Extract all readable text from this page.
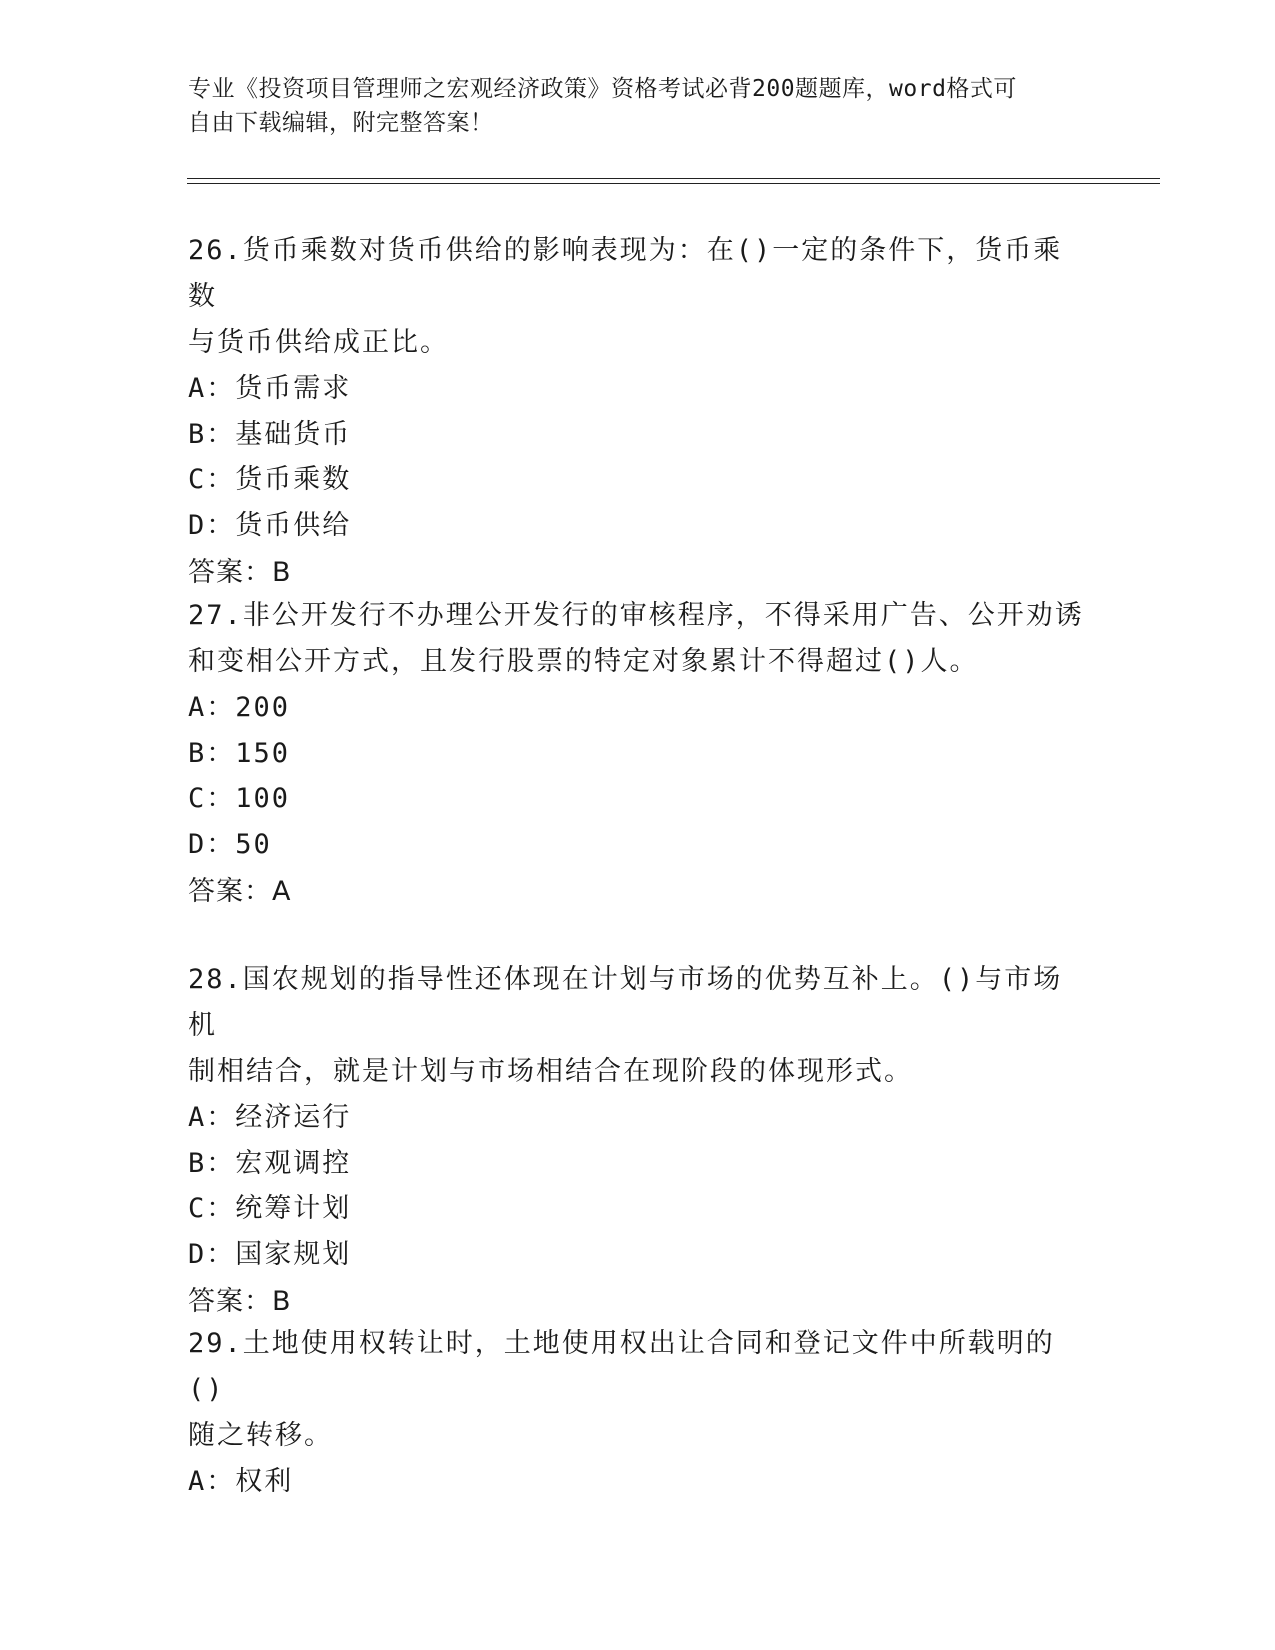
专业《投资项目管理师之宏观经济政策》资格考试必背200题题库，word格式可
自由下载编辑，附完整答案！

26.货币乘数对货币供给的影响表现为：在()一定的条件下，货币乘数

与货币供给成正比。

A：货币需求

B：基础货币

C：货币乘数

D：货币供给

答案：B

27.非公开发行不办理公开发行的审核程序，不得采用广告、公开劝诱

和变相公开方式，且发行股票的特定对象累计不得超过()人。

A：200

B：150

C：100

D：50

答案：A

28.国农规划的指导性还体现在计划与市场的优势互补上。()与市场机

制相结合，就是计划与市场相结合在现阶段的体现形式。

A：经济运行

B：宏观调控

C：统筹计划

D：国家规划

答案：B

29.土地使用权转让时，土地使用权出让合同和登记文件中所载明的()

随之转移。

A：权利
